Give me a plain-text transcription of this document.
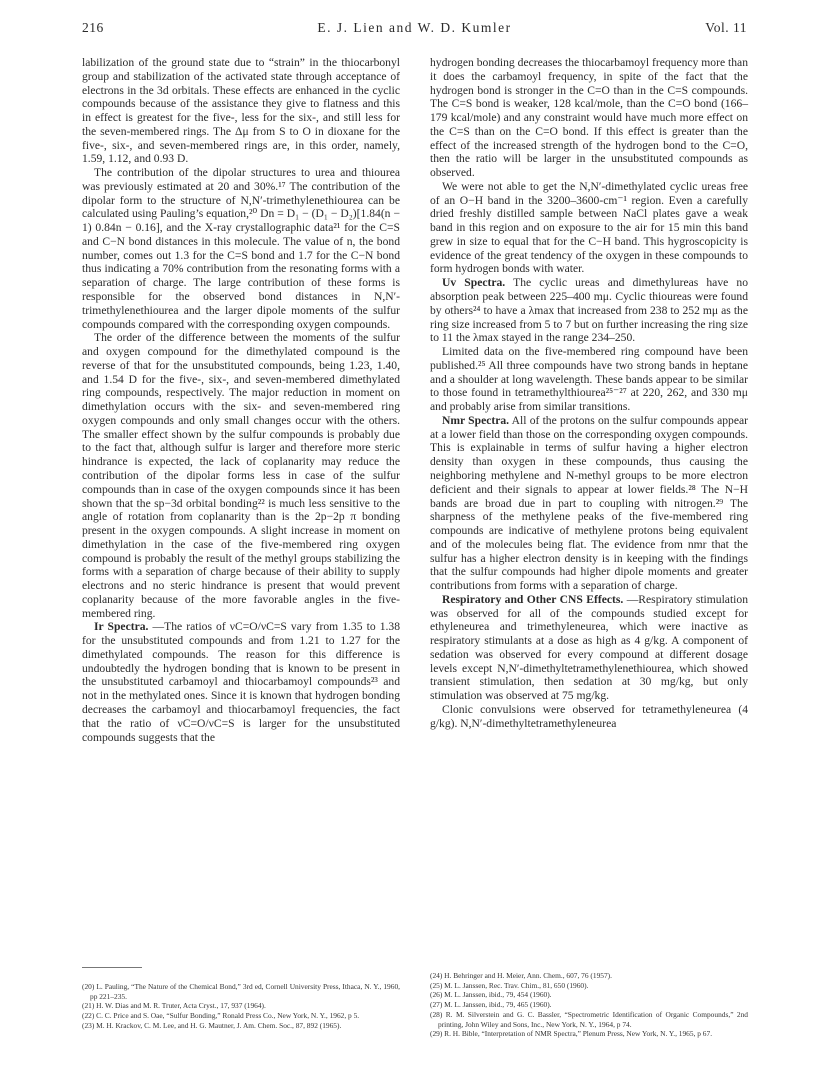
216	E. J. Lien and W. D. Kumler	Vol. 11

labilization of the ground state due to “strain” in the thiocarbonyl group and stabilization of the activated state through acceptance of electrons in the 3d orbitals. These effects are enhanced in the cyclic compounds because of the assistance they give to flatness and this in effect is greatest for the five-, less for the six-, and still less for the seven-membered rings. The Δμ from S to O in dioxane for the five-, six-, and seven-membered rings are, in this order, namely, 1.59, 1.12, and 0.93 D.

The contribution of the dipolar structures to urea and thiourea was previously estimated at 20 and 30%.¹⁷ The contribution of the dipolar form to the structure of N,N′-trimethylenethiourea can be calculated using Pauling’s equation,²⁰ Dn = D₁ − (D₁ − D₂)[1.84(n − 1) 0.84n − 0.16], and the X-ray crystallographic data²¹ for the C=S and C−N bond distances in this molecule. The value of n, the bond number, comes out 1.3 for the C=S bond and 1.7 for the C−N bond thus indicating a 70% contribution from the resonating forms with a separation of charge. The large contribution of these forms is responsible for the observed bond distances in N,N′-trimethylenethiourea and the larger dipole moments of the sulfur compounds compared with the corresponding oxygen compounds.

The order of the difference between the moments of the sulfur and oxygen compound for the dimethylated compound is the reverse of that for the unsubstituted compounds, being 1.23, 1.40, and 1.54 D for the five-, six-, and seven-membered dimethylated ring compounds, respectively. The major reduction in moment on dimethylation occurs with the six- and seven-membered ring oxygen compounds and only small changes occur with the others. The smaller effect shown by the sulfur compounds is probably due to the fact that, although sulfur is larger and therefore more steric hindrance is expected, the lack of coplanarity may reduce the contribution of the dipolar forms less in case of the sulfur compounds than in case of the oxygen compounds since it has been shown that the sp−3d orbital bonding²² is much less sensitive to the angle of rotation from coplanarity than is the 2p−2p π bonding present in the oxygen compounds. A slight increase in moment on dimethylation in the case of the five-membered ring oxygen compound is probably the result of the methyl groups stabilizing the forms with a separation of charge because of their ability to supply electrons and no steric hindrance is present that would prevent coplanarity because of the more favorable angles in the five-membered ring.

Ir Spectra. —The ratios of νC=O/νC=S vary from 1.35 to 1.38 for the unsubstituted compounds and from 1.21 to 1.27 for the dimethylated compounds. The reason for this difference is undoubtedly the hydrogen bonding that is known to be present in the unsubstituted carbamoyl and thiocarbamoyl compounds²³ and not in the methylated ones. Since it is known that hydrogen bonding decreases the carbamoyl and thiocarbamoyl frequencies, the fact that the ratio of νC=O/νC=S is larger for the unsubstituted compounds suggests that the

hydrogen bonding decreases the thiocarbamoyl frequency more than it does the carbamoyl frequency, in spite of the fact that the hydrogen bond is stronger in the C=O than in the C=S compounds. The C=S bond is weaker, 128 kcal/mole, than the C=O bond (166–179 kcal/mole) and any constraint would have much more effect on the C=S than on the C=O bond. If this effect is greater than the effect of the increased strength of the hydrogen bond to the C=O, then the ratio will be larger in the unsubstituted compounds as observed.

We were not able to get the N,N′-dimethylated cyclic ureas free of an O−H band in the 3200–3600-cm⁻¹ region. Even a carefully dried freshly distilled sample between NaCl plates gave a weak band in this region and on exposure to the air for 15 min this band grew in size to equal that for the C−H band. This hygroscopicity is evidence of the great tendency of the oxygen in these compounds to form hydrogen bonds with water.

Uv Spectra. The cyclic ureas and dimethylureas have no absorption peak between 225–400 mμ. Cyclic thioureas were found by others²⁴ to have a λmax that increased from 238 to 252 mμ as the ring size increased from 5 to 7 but on further increasing the ring size to 11 the λmax stayed in the range 234–250.

Limited data on the five-membered ring compound have been published.²⁵ All three compounds have two strong bands in heptane and a shoulder at long wavelength. These bands appear to be similar to those found in tetramethylthiourea²⁵⁻²⁷ at 220, 262, and 330 mμ and probably arise from similar transitions.

Nmr Spectra. All of the protons on the sulfur compounds appear at a lower field than those on the corresponding oxygen compounds. This is explainable in terms of sulfur having a higher electron density than oxygen in these compounds, thus causing the neighboring methylene and N-methyl groups to be more electron deficient and their signals to appear at lower fields.²⁸ The N−H bands are broad due in part to coupling with nitrogen.²⁹ The sharpness of the methylene peaks of the five-membered ring compounds are indicative of methylene protons being equivalent and of the molecules being flat. The evidence from nmr that the sulfur has a higher electron density is in keeping with the findings that the sulfur compounds had higher dipole moments and greater contributions from forms with a separation of charge.

Respiratory and Other CNS Effects. —Respiratory stimulation was observed for all of the compounds studied except for ethyleneurea and trimethyleneurea, which were inactive as respiratory stimulants at a dose as high as 4 g/kg. A component of sedation was observed for every compound at different dosage levels except N,N′-dimethyltetramethylenethiourea, which showed transient stimulation, then sedation at 30 mg/kg, but only stimulation was observed at 75 mg/kg.

Clonic convulsions were observed for tetramethyleneurea (4 g/kg). N,N′-dimethyltetramethyleneurea

(20) L. Pauling, “The Nature of the Chemical Bond,” 3rd ed, Cornell University Press, Ithaca, N. Y., 1960, pp 221–235.

(21) H. W. Dias and M. R. Truter, Acta Cryst., 17, 937 (1964).

(22) C. C. Price and S. Oae, “Sulfur Bonding,” Ronald Press Co., New York, N. Y., 1962, p 5.

(23) M. H. Krackov, C. M. Lee, and H. G. Mautner, J. Am. Chem. Soc., 87, 892 (1965).

(24) H. Behringer and H. Meier, Ann. Chem., 607, 76 (1957).

(25) M. L. Janssen, Rec. Trav. Chim., 81, 650 (1960).

(26) M. L. Janssen, ibid., 79, 454 (1960).

(27) M. L. Janssen, ibid., 79, 465 (1960).

(28) R. M. Silverstein and G. C. Bassler, “Spectrometric Identification of Organic Compounds,” 2nd printing, John Wiley and Sons, Inc., New York, N. Y., 1964, p 74.

(29) R. H. Bible, “Interpretation of NMR Spectra,” Plenum Press, New York, N. Y., 1965, p 67.
